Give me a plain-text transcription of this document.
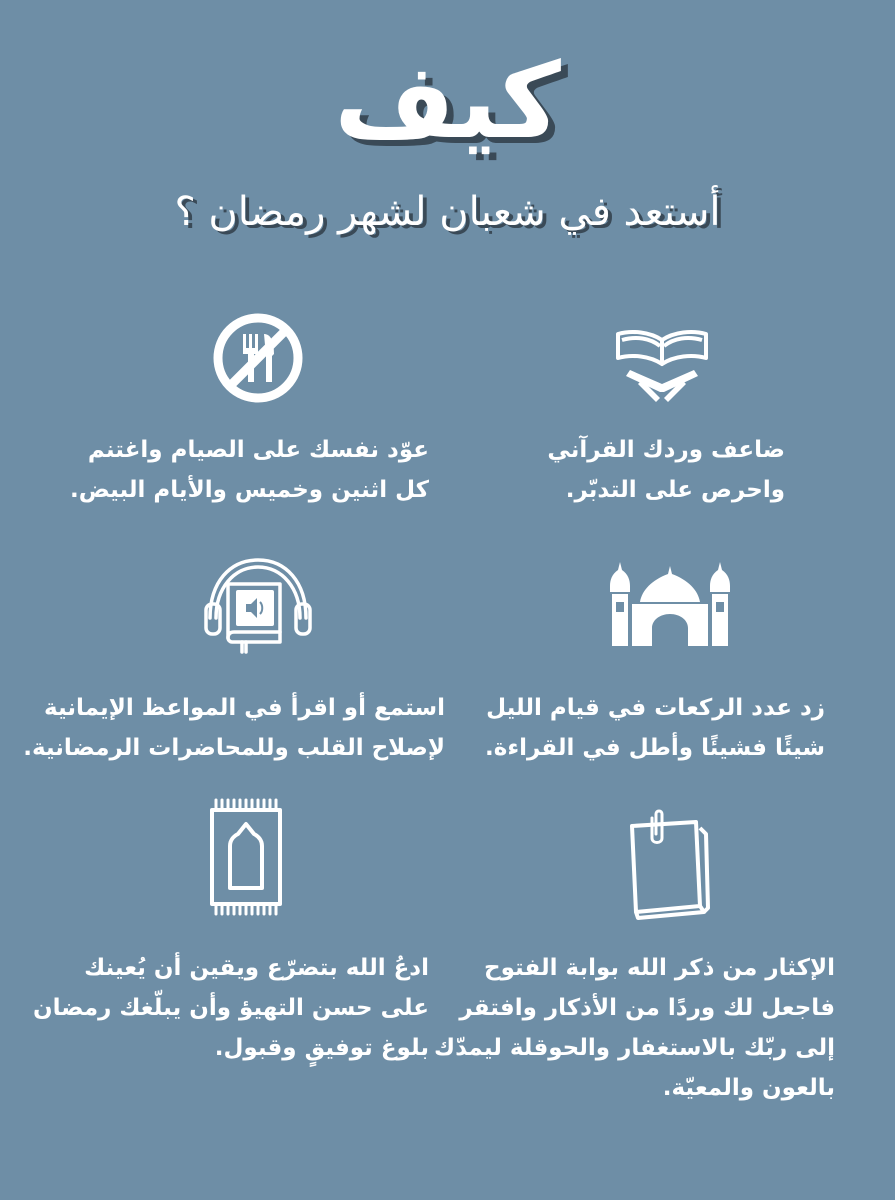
كيف
أستعد في شعبان لشهر رمضان ؟
ضاعف وردك القرآني
واحرص على التدبّر.
عوّد نفسك على الصيام واغتنم
كل اثنين وخميس والأيام البيض.
زد عدد الركعات في قيام الليل
شيئًا فشيئًا وأطل في القراءة.
استمع أو اقرأ في المواعظ الإيمانية
لإصلاح القلب وللمحاضرات الرمضانية.
الإكثار من ذكر الله بوابة الفتوح
فاجعل لك وردًا من الأذكار وافتقر
إلى ربّك بالاستغفار والحوقلة ليمدّك
بالعون والمعيّة.
ادعُ الله بتضرّع ويقين أن يُعينك
على حسن التهيؤ وأن يبلّغك رمضان
بلوغ توفيقٍ وقبول.
